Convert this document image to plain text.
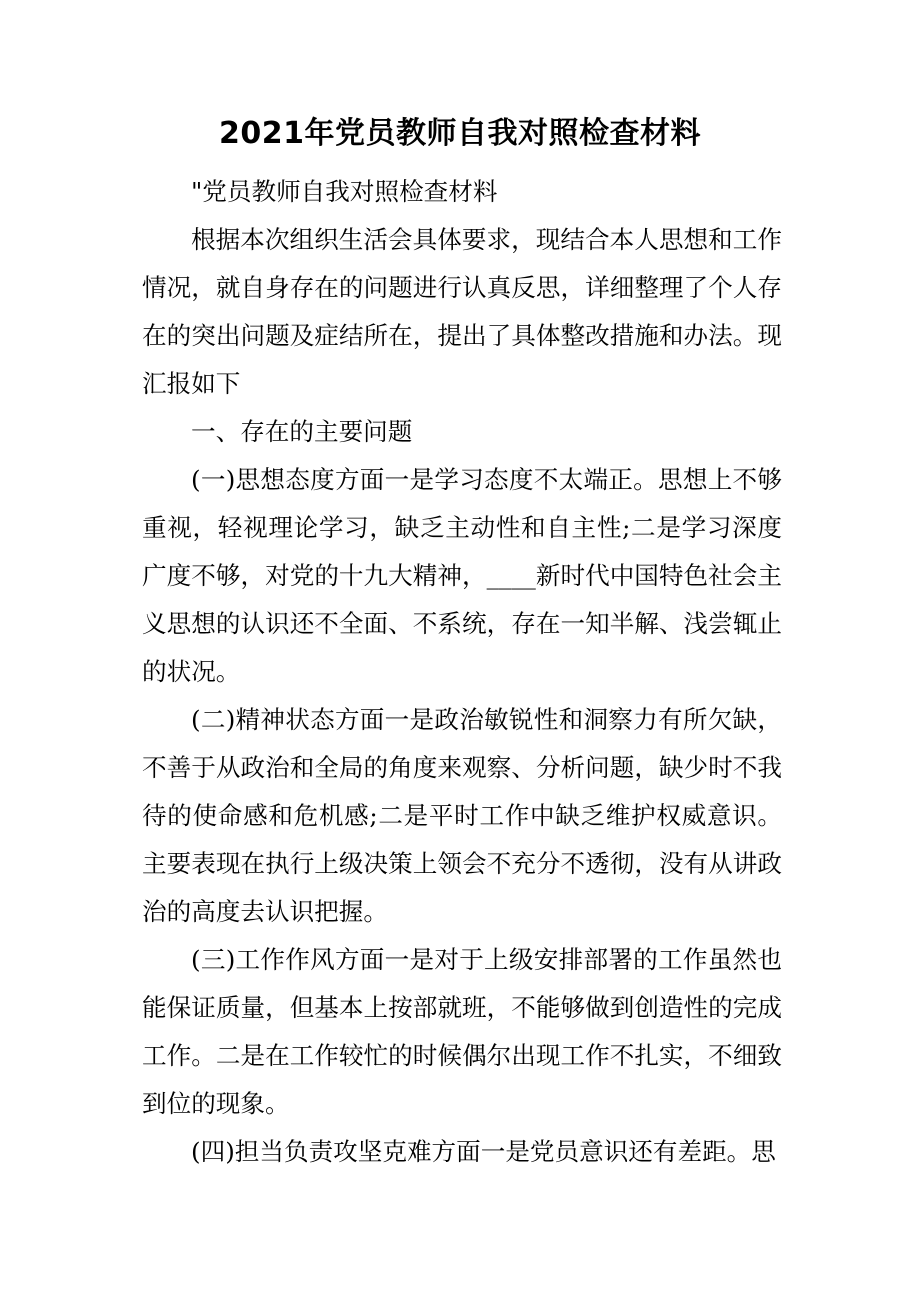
2021年党员教师自我对照检查材料

"党员教师自我对照检查材料

根据本次组织生活会具体要求，现结合本人思想和工作情况，就自身存在的问题进行认真反思，详细整理了个人存在的突出问题及症结所在，提出了具体整改措施和办法。现汇报如下

一、存在的主要问题

(一)思想态度方面一是学习态度不太端正。思想上不够重视，轻视理论学习，缺乏主动性和自主性;二是学习深度广度不够，对党的十九大精神，____新时代中国特色社会主义思想的认识还不全面、不系统，存在一知半解、浅尝辄止的状况。

(二)精神状态方面一是政治敏锐性和洞察力有所欠缺，不善于从政治和全局的角度来观察、分析问题，缺少时不我待的使命感和危机感;二是平时工作中缺乏维护权威意识。主要表现在执行上级决策上领会不充分不透彻，没有从讲政治的高度去认识把握。

(三)工作作风方面一是对于上级安排部署的工作虽然也能保证质量，但基本上按部就班，不能够做到创造性的完成工作。二是在工作较忙的时候偶尔出现工作不扎实，不细致到位的现象。

(四)担当负责攻坚克难方面一是党员意识还有差距。思
